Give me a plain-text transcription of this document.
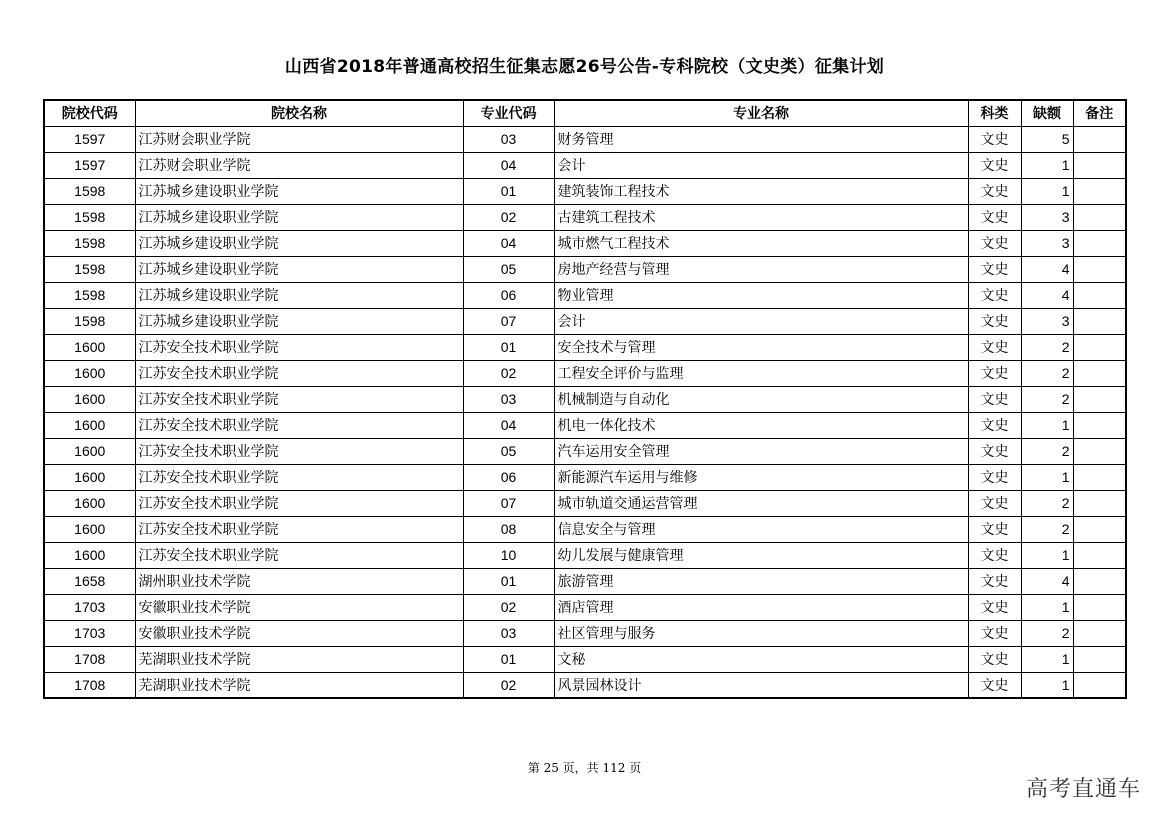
山西省2018年普通高校招生征集志愿26号公告-专科院校（文史类）征集计划
院校代码	院校名称	专业代码	专业名称	科类	缺额	备注
1597	江苏财会职业学院	03	财务管理	文史	5	
1597	江苏财会职业学院	04	会计	文史	1	
1598	江苏城乡建设职业学院	01	建筑装饰工程技术	文史	1	
1598	江苏城乡建设职业学院	02	古建筑工程技术	文史	3	
1598	江苏城乡建设职业学院	04	城市燃气工程技术	文史	3	
1598	江苏城乡建设职业学院	05	房地产经营与管理	文史	4	
1598	江苏城乡建设职业学院	06	物业管理	文史	4	
1598	江苏城乡建设职业学院	07	会计	文史	3	
1600	江苏安全技术职业学院	01	安全技术与管理	文史	2	
1600	江苏安全技术职业学院	02	工程安全评价与监理	文史	2	
1600	江苏安全技术职业学院	03	机械制造与自动化	文史	2	
1600	江苏安全技术职业学院	04	机电一体化技术	文史	1	
1600	江苏安全技术职业学院	05	汽车运用安全管理	文史	2	
1600	江苏安全技术职业学院	06	新能源汽车运用与维修	文史	1	
1600	江苏安全技术职业学院	07	城市轨道交通运营管理	文史	2	
1600	江苏安全技术职业学院	08	信息安全与管理	文史	2	
1600	江苏安全技术职业学院	10	幼儿发展与健康管理	文史	1	
1658	湖州职业技术学院	01	旅游管理	文史	4	
1703	安徽职业技术学院	02	酒店管理	文史	1	
1703	安徽职业技术学院	03	社区管理与服务	文史	2	
1708	芜湖职业技术学院	01	文秘	文史	1	
1708	芜湖职业技术学院	02	风景园林设计	文史	1	
第 25 页，共 112 页
高考直通车
